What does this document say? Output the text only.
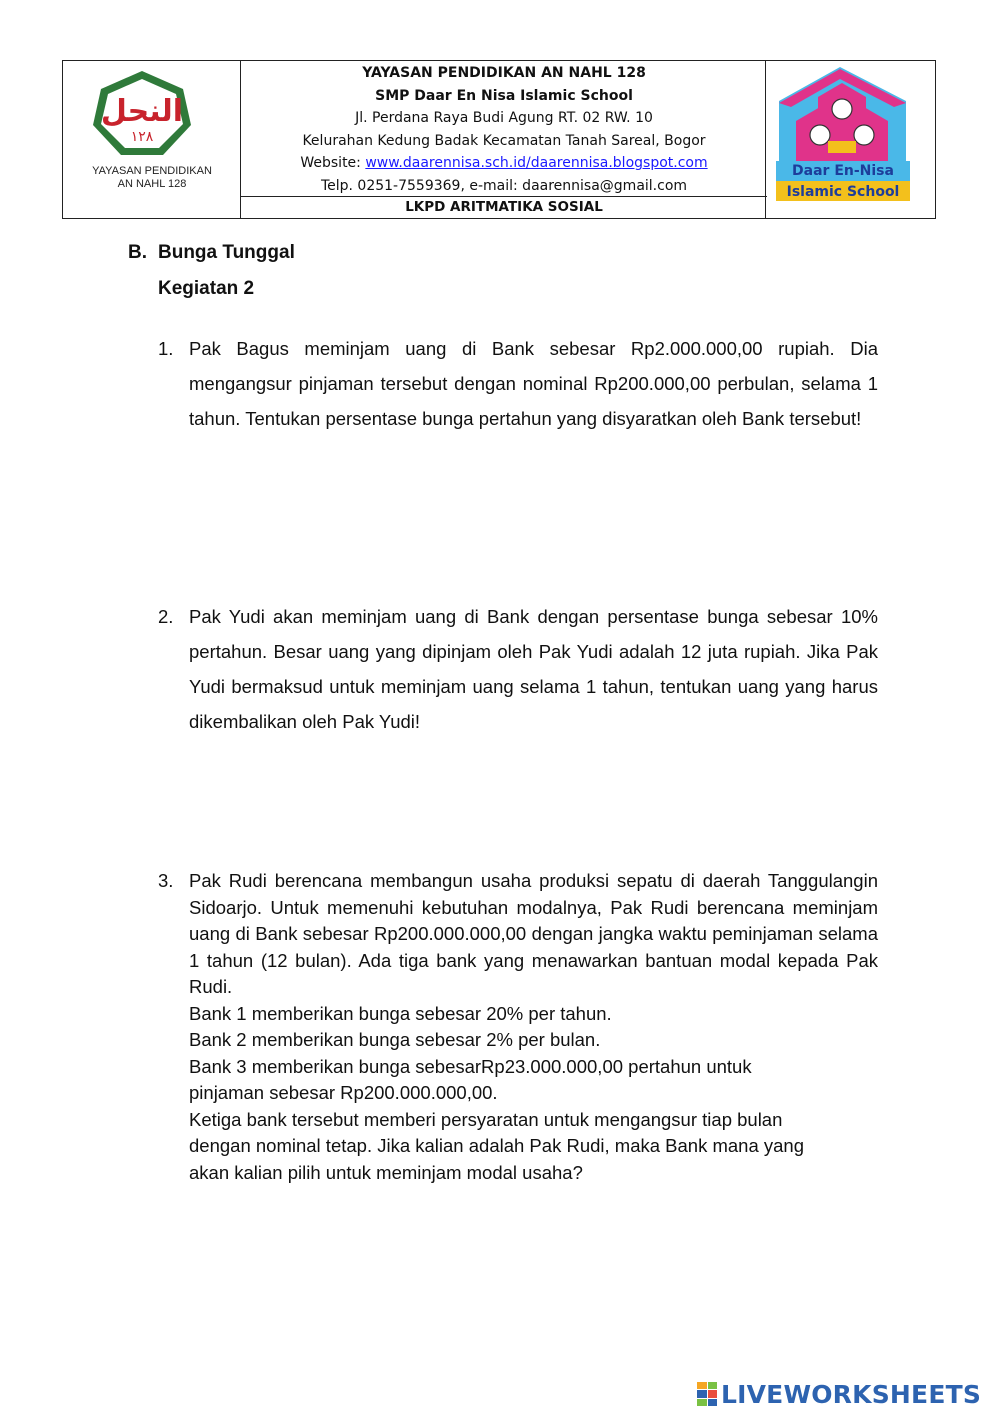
النحل
١٢٨
YAYASAN PENDIDIKAN
AN NAHL 128
YAYASAN PENDIDIKAN AN NAHL 128
SMP Daar En Nisa Islamic School
Jl. Perdana Raya Budi Agung RT. 02 RW. 10
Kelurahan Kedung Badak Kecamatan Tanah Sareal, Bogor
Website: www.daarennisa.sch.id/daarennisa.blogspot.com
Telp. 0251-7559369, e-mail: daarennisa@gmail.com
LKPD ARITMATIKA SOSIAL
Daar En-Nisa
Islamic School
B. Bunga Tunggal
Kegiatan 2
1. Pak Bagus meminjam uang di Bank sebesar Rp2.000.000,00 rupiah. Dia mengangsur pinjaman tersebut dengan nominal Rp200.000,00 perbulan, selama 1 tahun. Tentukan persentase bunga pertahun yang disyaratkan oleh Bank tersebut!
2. Pak Yudi akan meminjam uang di Bank dengan persentase bunga sebesar 10% pertahun. Besar uang yang dipinjam oleh Pak Yudi adalah 12 juta rupiah. Jika Pak Yudi bermaksud untuk meminjam uang selama 1 tahun, tentukan uang yang harus dikembalikan oleh Pak Yudi!
3. Pak Rudi berencana membangun usaha produksi sepatu di daerah Tanggulangin Sidoarjo. Untuk memenuhi kebutuhan modalnya, Pak Rudi berencana meminjam uang di Bank sebesar Rp200.000.000,00 dengan jangka waktu peminjaman selama 1 tahun (12 bulan). Ada tiga bank yang menawarkan bantuan modal kepada Pak Rudi.
Bank 1 memberikan bunga sebesar 20% per tahun.
Bank 2 memberikan bunga sebesar 2% per bulan.
Bank 3 memberikan bunga sebesarRp23.000.000,00 pertahun untuk
pinjaman sebesar Rp200.000.000,00.
Ketiga bank tersebut memberi persyaratan untuk mengangsur tiap bulan
dengan nominal tetap. Jika kalian adalah Pak Rudi, maka Bank mana yang
akan kalian pilih untuk meminjam modal usaha?
LIVEWORKSHEETS
